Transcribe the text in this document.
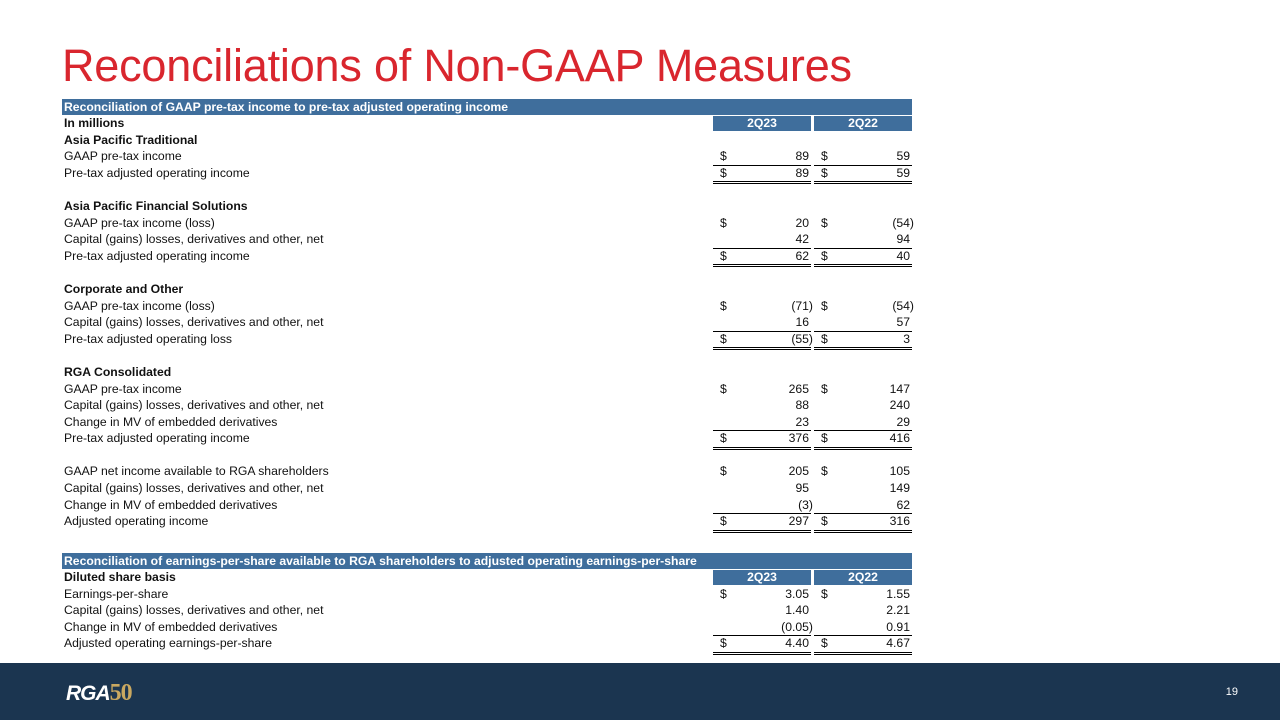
Reconciliations of Non-GAAP Measures
Reconciliation of GAAP pre-tax income to pre-tax adjusted operating income
In millions	2Q23	2Q22
Asia Pacific Traditional
GAAP pre-tax income	$	89 $	59
Pre-tax adjusted operating income	$	89 $	59
Asia Pacific Financial Solutions
GAAP pre-tax income (loss)	$	20 $	(54)
Capital (gains) losses, derivatives and other, net	42	94
Pre-tax adjusted operating income	$	62 $	40
Corporate and Other
GAAP pre-tax income (loss)	$	(71) $	(54)
Capital (gains) losses, derivatives and other, net	16	57
Pre-tax adjusted operating loss	$	(55) $	3
RGA Consolidated
GAAP pre-tax income	$	265 $	147
Capital (gains) losses, derivatives and other, net	88	240
Change in MV of embedded derivatives	23	29
Pre-tax adjusted operating income	$	376 $	416
GAAP net income available to RGA shareholders	$	205 $	105
Capital (gains) losses, derivatives and other, net	95	149
Change in MV of embedded derivatives	(3)	62
Adjusted operating income	$	297 $	316
Reconciliation of earnings-per-share available to RGA shareholders to adjusted operating earnings-per-share
Diluted share basis	2Q23	2Q22
Earnings-per-share	$	3.05 $	1.55
Capital (gains) losses, derivatives and other, net	1.40	2.21
Change in MV of embedded derivatives	(0.05)	0.91
Adjusted operating earnings-per-share	$	4.40 $	4.67
RGA50	19
